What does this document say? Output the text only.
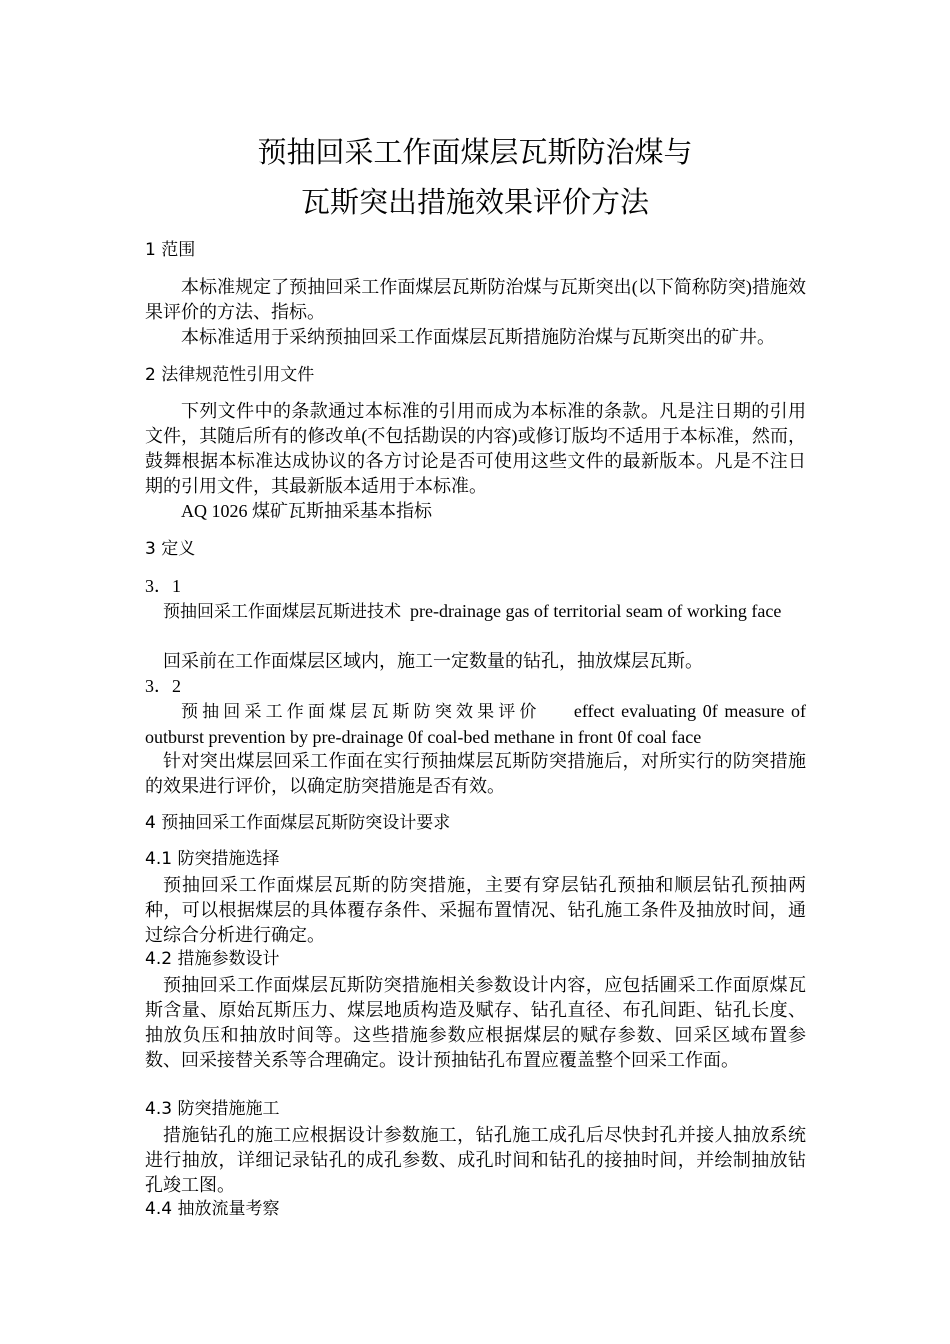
预抽回采工作面煤层瓦斯防治煤与
瓦斯突出措施效果评价方法
1 范围

本标准规定了预抽回采工作面煤层瓦斯防治煤与瓦斯突出(以下简称防突)措施效果评价的方法、指标。

本标准适用于采纳预抽回采工作面煤层瓦斯措施防治煤与瓦斯突出的矿井。

2 法律规范性引用文件

下列文件中的条款通过本标准的引用而成为本标准的条款。凡是注日期的引用文件，其随后所有的修改单(不包括勘误的内容)或修订版均不适用于本标准，然而，鼓舞根据本标准达成协议的各方讨论是否可使用这些文件的最新版本。凡是不注日期的引用文件，其最新版本适用于本标准。

AQ 1026 煤矿瓦斯抽采基本指标

3 定义

3．1

预抽回采工作面煤层瓦斯进技术 pre-drainage gas of territorial seam of working face

回采前在工作面煤层区域内，施工一定数量的钻孔，抽放煤层瓦斯。

3．2

预抽回采工作面煤层瓦斯防突效果评价 effect evaluating 0f measure of outburst prevention by pre-drainage 0f coal-bed methane in front 0f coal face

针对突出煤层回采工作面在实行预抽煤层瓦斯防突措施后，对所实行的防突措施的效果进行评价，以确定肪突措施是否有效。

4 预抽回采工作面煤层瓦斯防突设计要求
4.1 防突措施选择

预抽回采工作面煤层瓦斯的防突措施，主要有穿层钻孔预抽和顺层钻孔预抽两种，可以根据煤层的具体覆存条件、采掘布置情况、钻孔施工条件及抽放时间，通过综合分析进行确定。

4.2 措施参数设计

预抽回采工作面煤层瓦斯防突措施相关参数设计内容，应包括圃采工作面原煤瓦斯含量、原始瓦斯压力、煤层地质构造及赋存、钻孔直径、布孔间距、钻孔长度、抽放负压和抽放时间等。这些措施参数应根据煤层的赋存参数、回采区域布置参数、回采接替关系等合理确定。设计预抽钻孔布置应覆盖整个回采工作面。

4.3 防突措施施工

措施钻孔的施工应根据设计参数施工，钻孔施工成孔后尽快封孔并接人抽放系统进行抽放，详细记录钻孔的成孔参数、成孔时间和钻孔的接抽时间，并绘制抽放钻孔竣工图。

4.4 抽放流量考察
